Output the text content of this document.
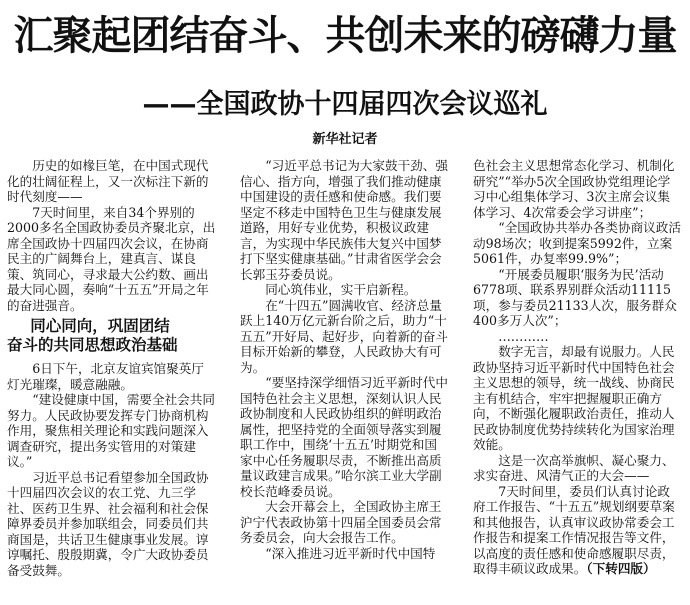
汇聚起团结奋斗、共创未来的磅礴力量
——全国政协十四届四次会议巡礼
新华社记者

历史的如椽巨笔，在中国式现代化的壮阔征程上，又一次标注下新的时代刻度——

7天时间里，来自34个界别的2000多名全国政协委员齐聚北京，出席全国政协十四届四次会议，在协商民主的广阔舞台上，建真言、谋良策、筑同心，寻求最大公约数、画出最大同心圆，奏响“十五五”开局之年的奋进强音。

同心同向，巩固团结
奋斗的共同思想政治基础

6日下午，北京友谊宾馆聚英厅灯光璀璨，暖意融融。

“建设健康中国，需要全社会共同努力。人民政协要发挥专门协商机构作用，聚焦相关理论和实践问题深入调查研究，提出务实管用的对策建议。”

习近平总书记看望参加全国政协十四届四次会议的农工党、九三学社、医药卫生界、社会福利和社会保障界委员并参加联组会，同委员们共商国是，共话卫生健康事业发展。谆谆嘱托、殷殷期冀，令广大政协委员备受鼓舞。

“习近平总书记为大家鼓干劲、强信心、指方向，增强了我们推动健康中国建设的责任感和使命感。我们要坚定不移走中国特色卫生与健康发展道路，用好专业优势，积极议政建言，为实现中华民族伟大复兴中国梦打下坚实健康基础。”甘肃省医学会会长郭玉芬委员说。

同心筑伟业，实干启新程。

在“十四五”圆满收官、经济总量跃上140万亿元新台阶之后，助力“十五五”开好局、起好步，向着新的奋斗目标开始新的攀登，人民政协大有可为。

“要坚持深学细悟习近平新时代中国特色社会主义思想，深刻认识人民政协制度和人民政协组织的鲜明政治属性，把坚持党的全面领导落实到履职工作中，围绕‘十五五’时期党和国家中心任务履职尽责，不断推出高质量议政建言成果。”哈尔滨工业大学副校长范峰委员说。

大会开幕会上，全国政协主席王沪宁代表政协第十四届全国委员会常务委员会，向大会报告工作。

“深入推进习近平新时代中国特

色社会主义思想常态化学习、机制化研究”“举办5次全国政协党组理论学习中心组集体学习、3次主席会议集体学习、4次常委会学习讲座”；

“全国政协共举办各类协商议政活动98场次；收到提案5992件，立案5061件，办复率99.9%”；

“开展委员履职‘服务为民’活动6778项、联系界别群众活动11115项，参与委员21133人次，服务群众400多万人次”；

…………

数字无言，却最有说服力。人民政协坚持习近平新时代中国特色社会主义思想的领导，统一战线、协商民主有机结合，牢牢把握履职正确方向，不断强化履职政治责任，推动人民政协制度优势持续转化为国家治理效能。

这是一次高举旗帜、凝心聚力、求实奋进、风清气正的大会——

7天时间里，委员们认真讨论政府工作报告、“十五五”规划纲要草案和其他报告，认真审议政协常委会工作报告和提案工作情况报告等文件，以高度的责任感和使命感履职尽责，取得丰硕议政成果。（下转四版）
